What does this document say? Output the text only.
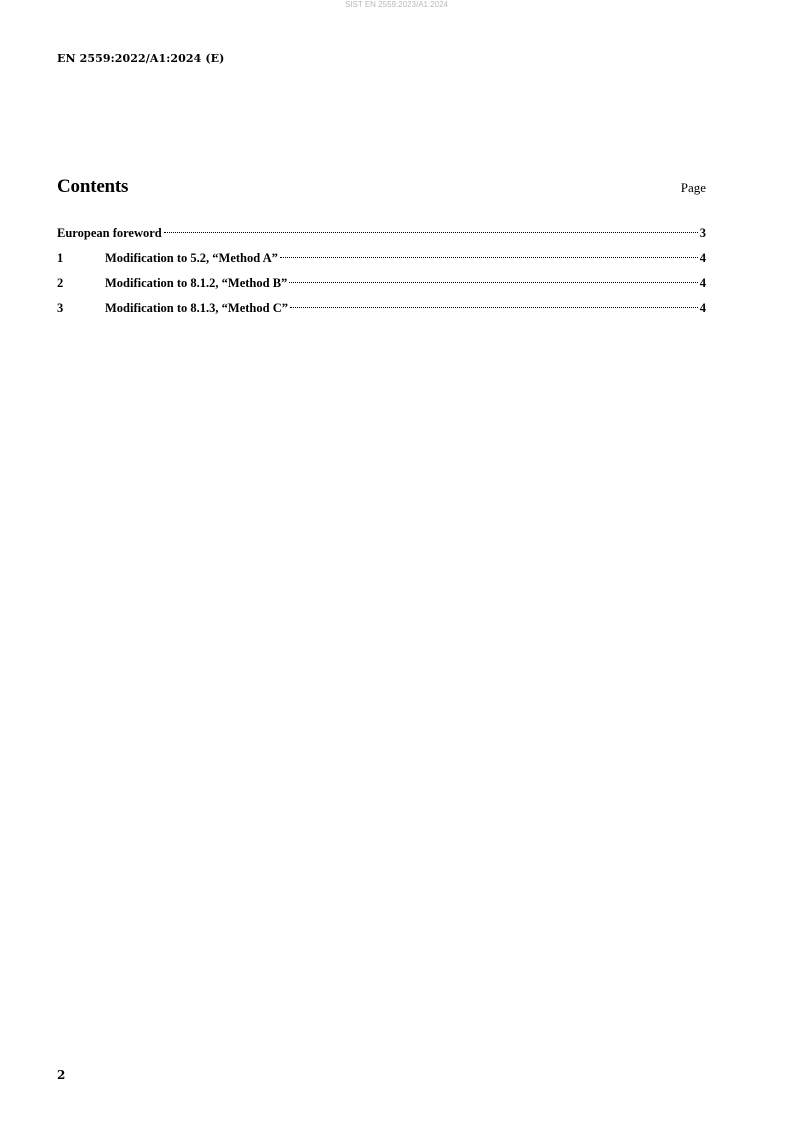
SIST EN 2559:2023/A1:2024
EN 2559:2022/A1:2024 (E)
Contents	Page
European foreword	3
1	Modification to 5.2, “Method A”	4
2	Modification to 8.1.2, “Method B”	4
3	Modification to 8.1.3, “Method C”	4
2
